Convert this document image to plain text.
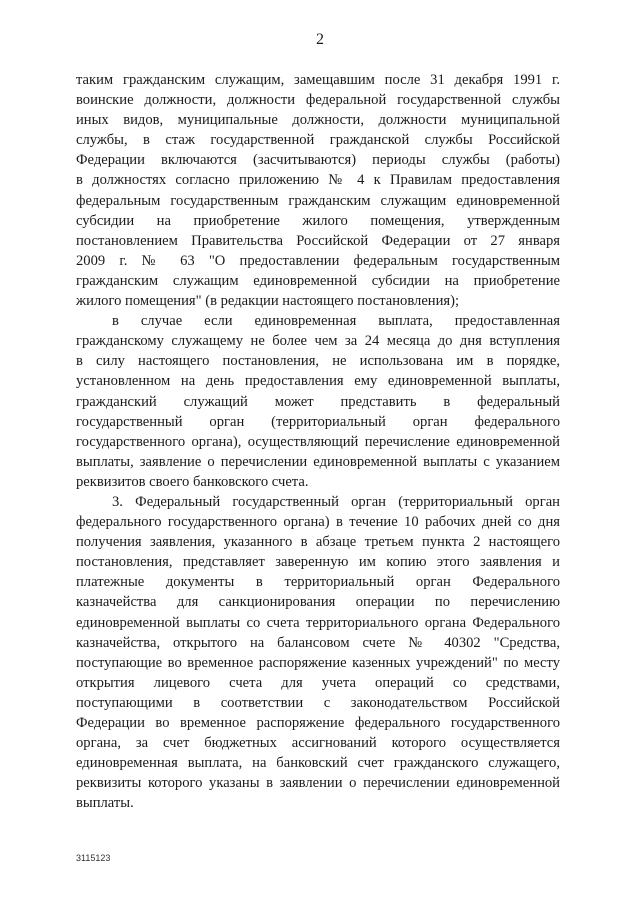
2
таким гражданским служащим, замещавшим после 31 декабря 1991 г.
воинские должности, должности федеральной государственной службы
иных видов, муниципальные должности, должности муниципальной
службы, в стаж государственной гражданской службы Российской
Федерации включаются (засчитываются) периоды службы (работы)
в должностях согласно приложению № 4 к Правилам предоставления
федеральным государственным гражданским служащим единовременной
субсидии на приобретение жилого помещения, утвержденным
постановлением Правительства Российской Федерации от 27 января
2009 г. № 63 "О предоставлении федеральным государственным
гражданским служащим единовременной субсидии на приобретение
жилого помещения" (в редакции настоящего постановления);
в случае если единовременная выплата, предоставленная
гражданскому служащему не более чем за 24 месяца до дня вступления
в силу настоящего постановления, не использована им в порядке,
установленном на день предоставления ему единовременной выплаты,
гражданский служащий может представить в федеральный
государственный орган (территориальный орган федерального
государственного органа), осуществляющий перечисление единовременной
выплаты, заявление о перечислении единовременной выплаты с указанием
реквизитов своего банковского счета.
3. Федеральный государственный орган (территориальный орган
федерального государственного органа) в течение 10 рабочих дней со дня
получения заявления, указанного в абзаце третьем пункта 2 настоящего
постановления, представляет заверенную им копию этого заявления и
платежные документы в территориальный орган Федерального
казначейства для санкционирования операции по перечислению
единовременной выплаты со счета территориального органа Федерального
казначейства, открытого на балансовом счете № 40302 "Средства,
поступающие во временное распоряжение казенных учреждений" по месту
открытия лицевого счета для учета операций со средствами,
поступающими в соответствии с законодательством Российской
Федерации во временное распоряжение федерального государственного
органа, за счет бюджетных ассигнований которого осуществляется
единовременная выплата, на банковский счет гражданского служащего,
реквизиты которого указаны в заявлении о перечислении единовременной
выплаты.
3115123
